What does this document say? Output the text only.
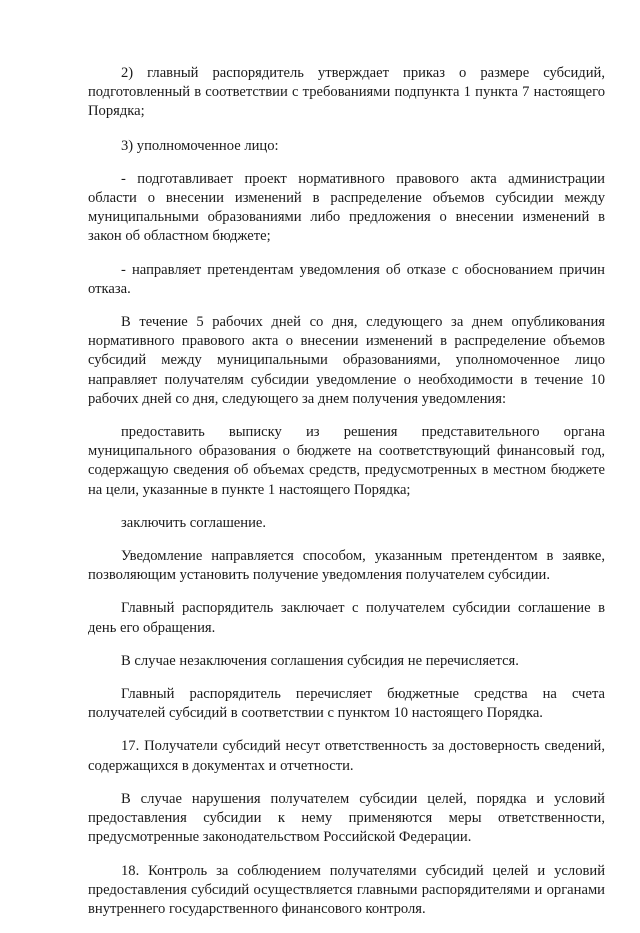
2) главный распорядитель утверждает приказ о размере субсидий, подготовленный в соответствии с требованиями подпункта 1 пункта 7 настоящего Порядка;

3) уполномоченное лицо:

- подготавливает проект нормативного правового акта администрации области о внесении изменений в распределение объемов субсидии между муниципальными образованиями либо предложения о внесении изменений в закон об областном бюджете;

- направляет претендентам уведомления об отказе с обоснованием причин отказа.

В течение 5 рабочих дней со дня, следующего за днем опубликования нормативного правового акта о внесении изменений в распределение объемов субсидий между муниципальными образованиями, уполномоченное лицо направляет получателям субсидии уведомление о необходимости в течение 10 рабочих дней со дня, следующего за днем получения уведомления:

предоставить выписку из решения представительного органа муниципального образования о бюджете на соответствующий финансовый год, содержащую сведения об объемах средств, предусмотренных в местном бюджете на цели, указанные в пункте 1 настоящего Порядка;

заключить соглашение.

Уведомление направляется способом, указанным претендентом в заявке, позволяющим установить получение уведомления получателем субсидии.

Главный распорядитель заключает с получателем субсидии соглашение в день его обращения.

В случае незаключения соглашения субсидия не перечисляется.

Главный распорядитель перечисляет бюджетные средства на счета получателей субсидий в соответствии с пунктом 10 настоящего Порядка.

17. Получатели субсидий несут ответственность за достоверность сведений, содержащихся в документах и отчетности.

В случае нарушения получателем субсидии целей, порядка и условий предоставления субсидии к нему применяются меры ответственности, предусмотренные законодательством Российской Федерации.

18. Контроль за соблюдением получателями субсидий целей и условий предоставления субсидий осуществляется главными распорядителями и органами внутреннего государственного финансового контроля.
